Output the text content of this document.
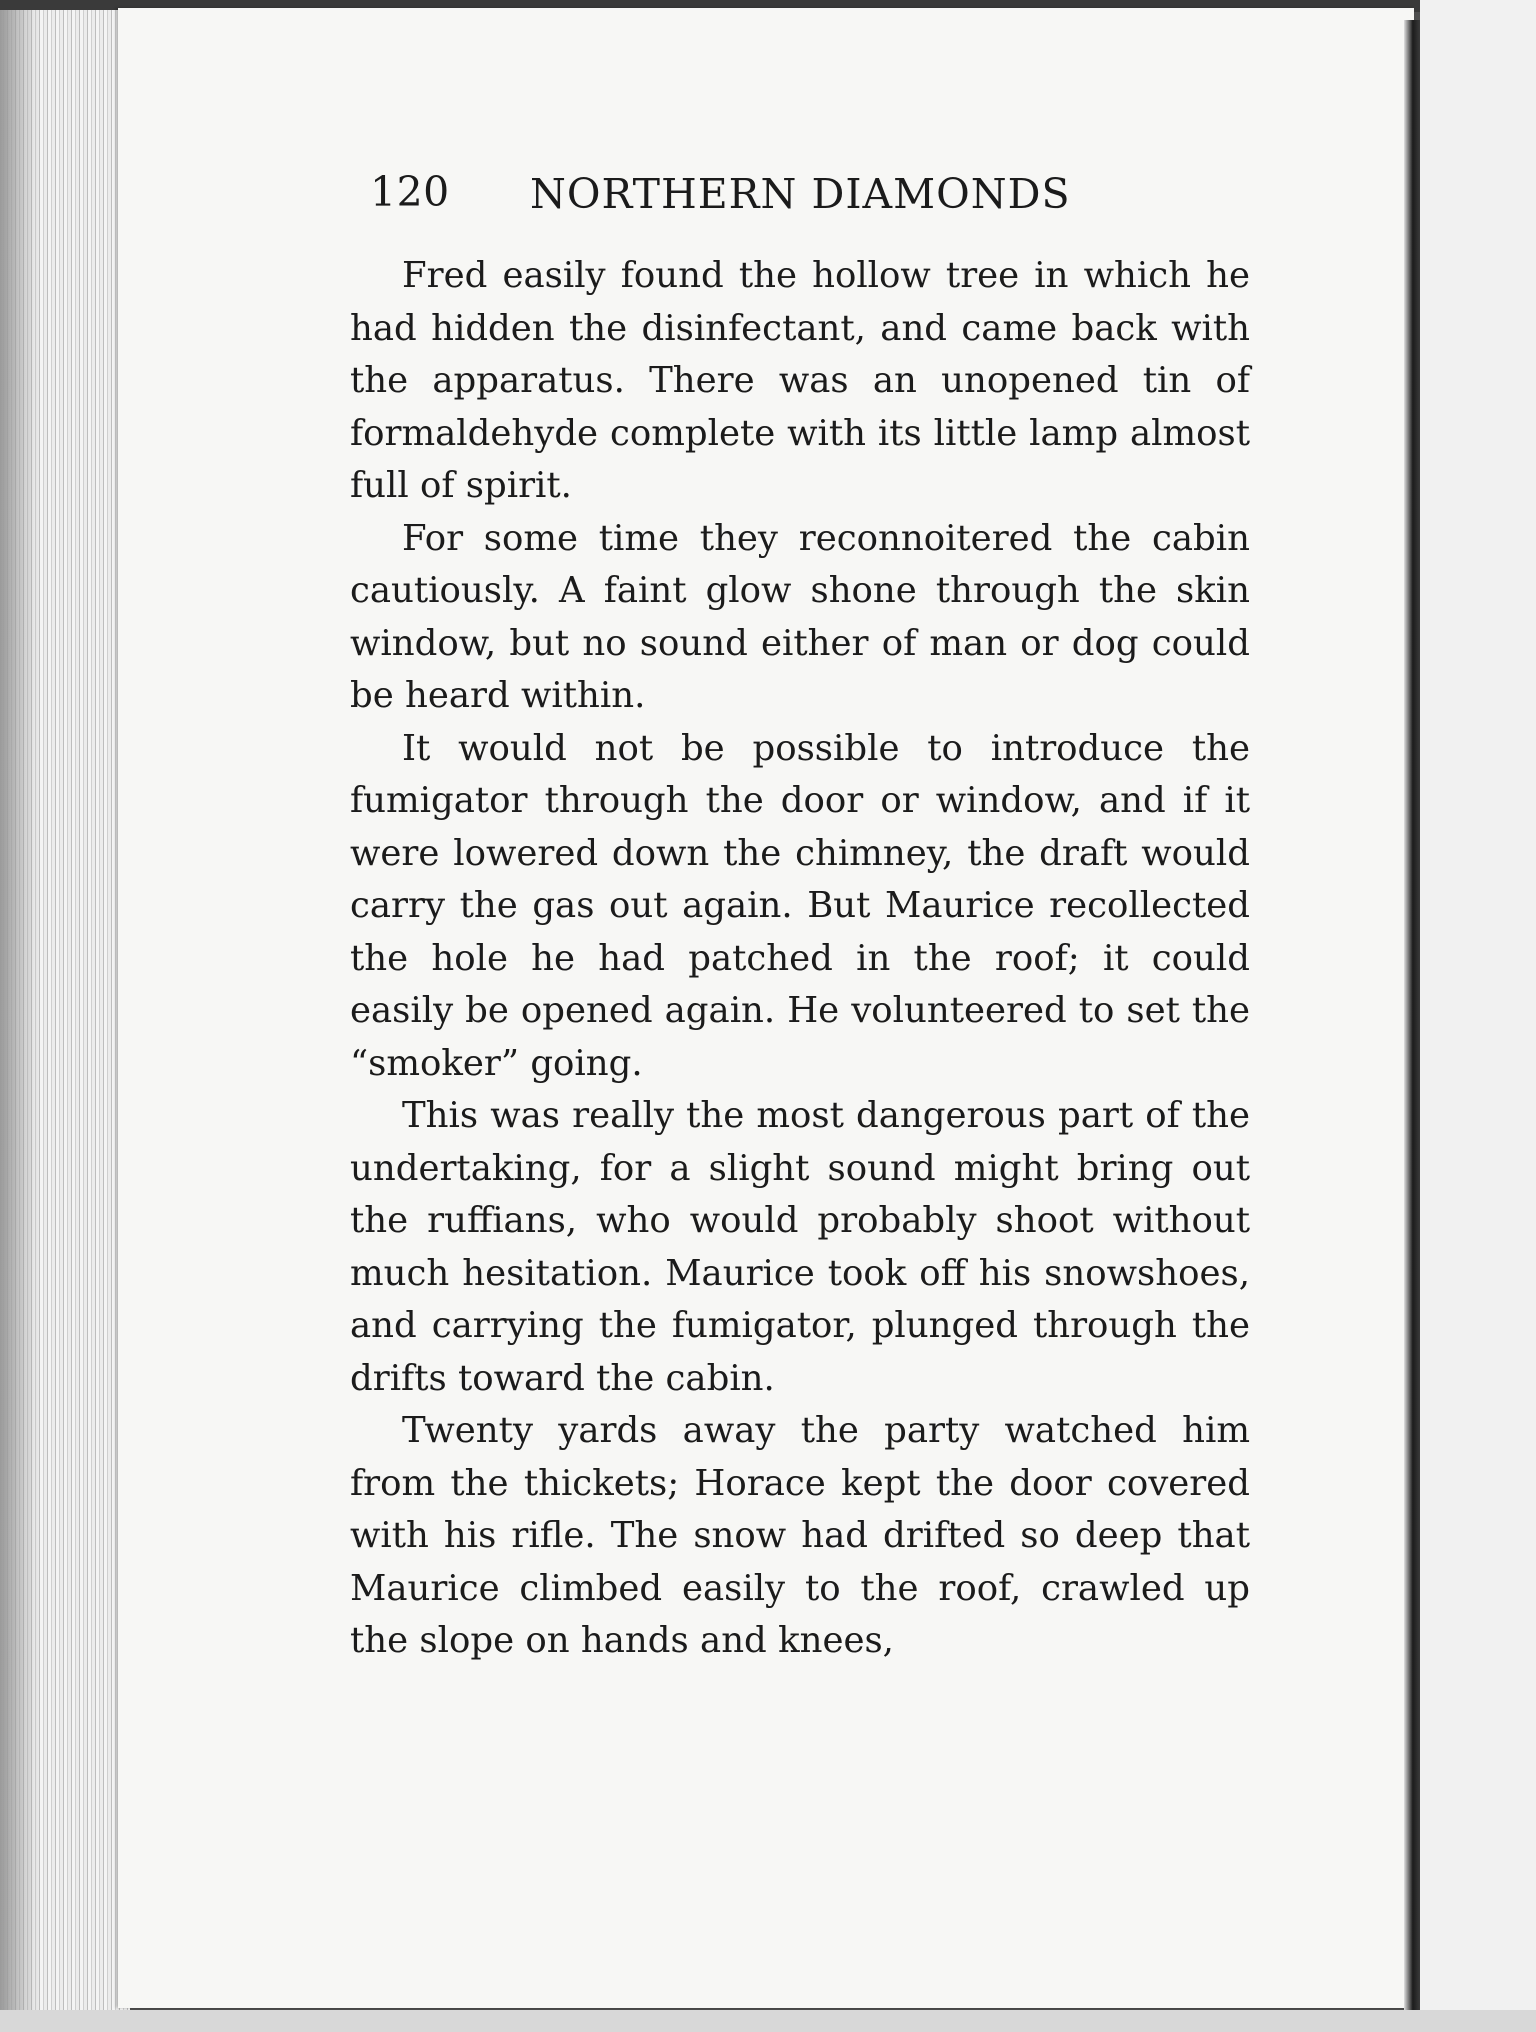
120 NORTHERN DIAMONDS

Fred easily found the hollow tree in which he had hidden the disinfectant, and came back with the apparatus. There was an unopened tin of formaldehyde complete with its little lamp almost full of spirit.

For some time they reconnoitered the cabin cautiously. A faint glow shone through the skin window, but no sound either of man or dog could be heard within.

It would not be possible to introduce the fumigator through the door or window, and if it were lowered down the chimney, the draft would carry the gas out again. But Maurice recollected the hole he had patched in the roof; it could easily be opened again. He volunteered to set the “smoker” going.

This was really the most dangerous part of the undertaking, for a slight sound might bring out the ruffians, who would probably shoot without much hesitation. Maurice took off his snowshoes, and carrying the fumigator, plunged through the drifts toward the cabin.

Twenty yards away the party watched him from the thickets; Horace kept the door covered with his rifle. The snow had drifted so deep that Maurice climbed easily to the roof, crawled up the slope on hands and knees,
